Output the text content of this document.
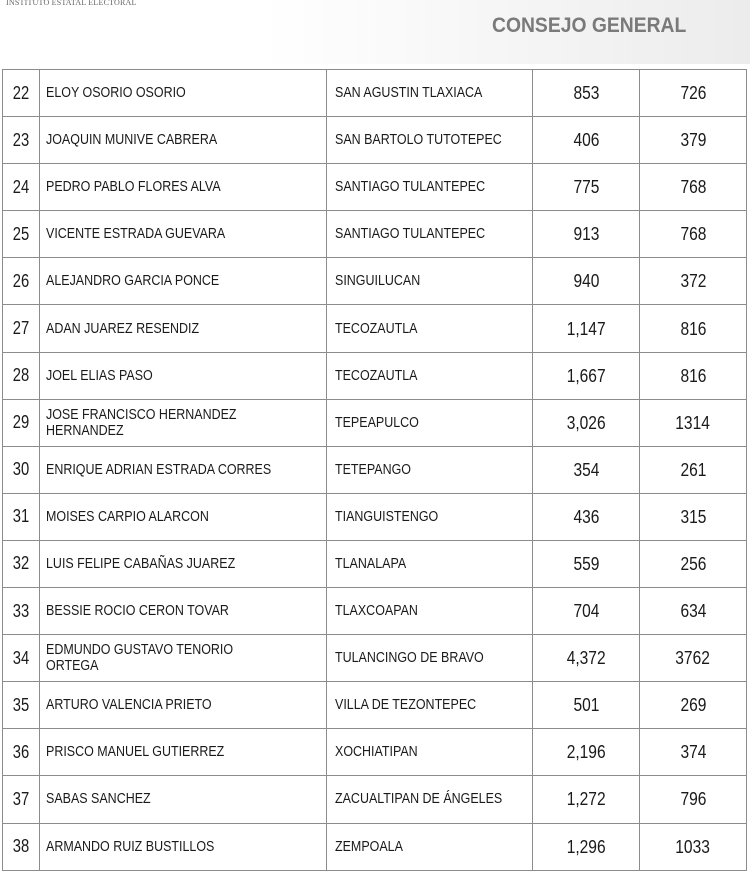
INSTITUTO ESTATAL ELECTORAL
CONSEJO GENERAL
22	ELOY OSORIO OSORIO	SAN AGUSTIN TLAXIACA	853	726
23	JOAQUIN MUNIVE CABRERA	SAN BARTOLO TUTOTEPEC	406	379
24	PEDRO PABLO FLORES ALVA	SANTIAGO TULANTEPEC	775	768
25	VICENTE ESTRADA GUEVARA	SANTIAGO TULANTEPEC	913	768
26	ALEJANDRO GARCIA PONCE	SINGUILUCAN	940	372
27	ADAN JUAREZ RESENDIZ	TECOZAUTLA	1,147	816
28	JOEL ELIAS PASO	TECOZAUTLA	1,667	816
29	JOSE FRANCISCO HERNANDEZ HERNANDEZ	TEPEAPULCO	3,026	1314
30	ENRIQUE ADRIAN ESTRADA CORRES	TETEPANGO	354	261
31	MOISES CARPIO ALARCON	TIANGUISTENGO	436	315
32	LUIS FELIPE CABAÑAS JUAREZ	TLANALAPA	559	256
33	BESSIE ROCIO CERON TOVAR	TLAXCOAPAN	704	634
34	EDMUNDO GUSTAVO TENORIO ORTEGA	TULANCINGO DE BRAVO	4,372	3762
35	ARTURO VALENCIA PRIETO	VILLA DE TEZONTEPEC	501	269
36	PRISCO MANUEL GUTIERREZ	XOCHIATIPAN	2,196	374
37	SABAS SANCHEZ	ZACUALTIPAN DE ÁNGELES	1,272	796
38	ARMANDO RUIZ BUSTILLOS	ZEMPOALA	1,296	1033
